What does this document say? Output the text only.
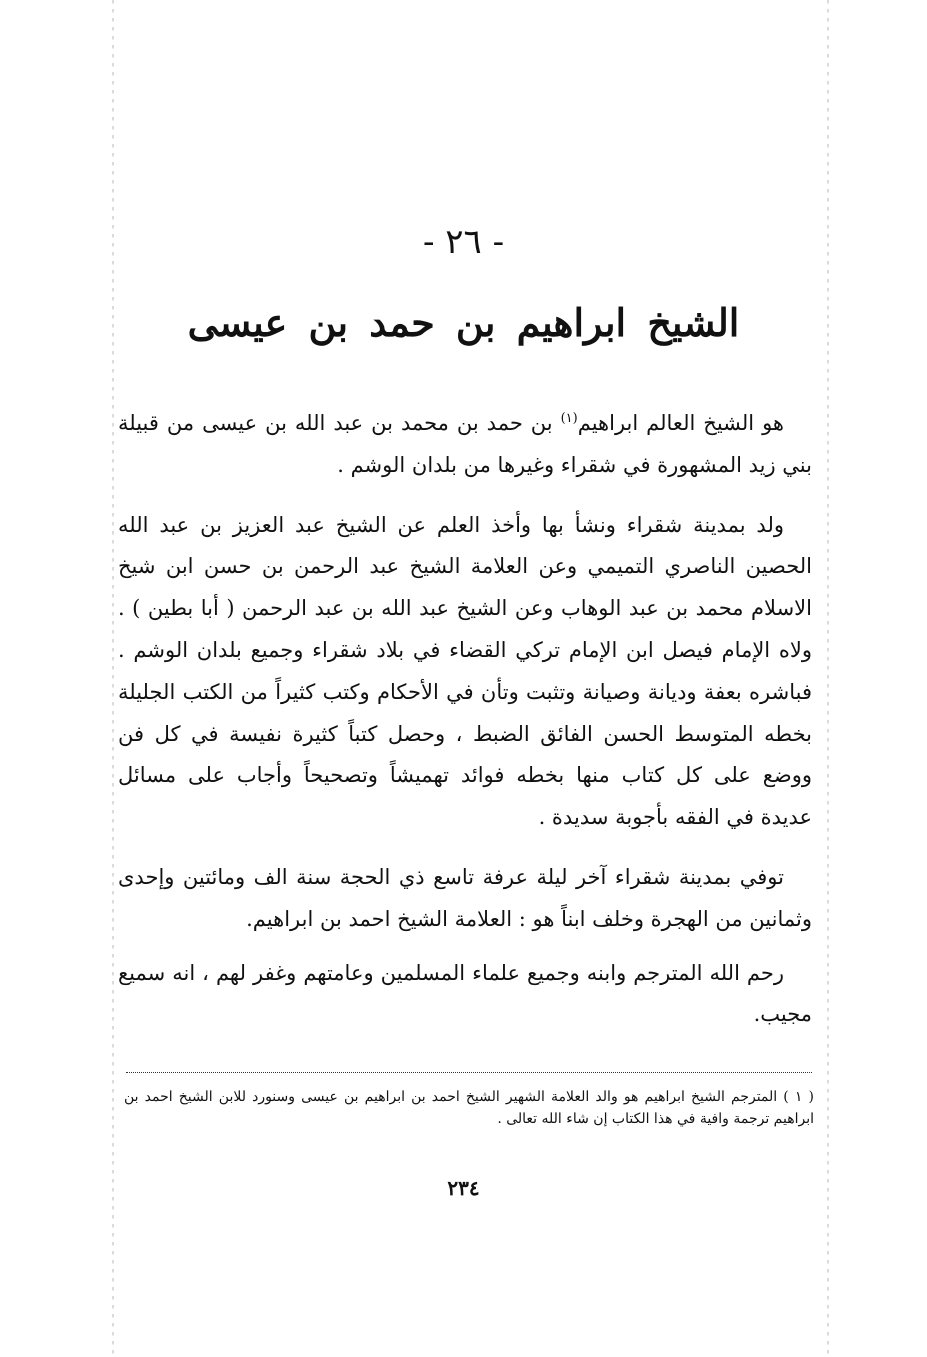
- ٢٦ -
الشيخ ابراهيم بن حمد بن عيسى

هو الشيخ العالم ابراهيم$^{(١)}$ بن حمد بن محمد بن عبد الله بن عيسى من قبيلة بني زيد المشهورة في شقراء وغيرها من بلدان الوشم .

ولد بمدينة شقراء ونشأ بها وأخذ العلم عن الشيخ عبد العزيز بن عبد الله الحصين الناصري التميمي وعن العلامة الشيخ عبد الرحمن بن حسن ابن شيخ الاسلام محمد بن عبد الوهاب وعن الشيخ عبد الله بن عبد الرحمن ( أبا بطين ) . ولاه الإمام فيصل ابن الإمام تركي القضاء في بلاد شقراء وجميع بلدان الوشم . فباشره بعفة وديانة وصيانة وتثبت وتأن في الأحكام وكتب كثيراً من الكتب الجليلة بخطه المتوسط الحسن الفائق الضبط ، وحصل كتباً كثيرة نفيسة في كل فن ووضع على كل كتاب منها بخطه فوائد تهميشاً وتصحيحاً وأجاب على مسائل عديدة في الفقه بأجوبة سديدة .

توفي بمدينة شقراء آخر ليلة عرفة تاسع ذي الحجة سنة الف ومائتين وإحدى وثمانين من الهجرة وخلف ابناً هو : العلامة الشيخ احمد بن ابراهيم.

رحم الله المترجم وابنه وجميع علماء المسلمين وعامتهم وغفر لهم ، انه سميع مجيب.

( ١ ) المترجم الشيخ ابراهيم هو والد العلامة الشهير الشيخ احمد بن ابراهيم بن عيسى وسنورد للابن الشيخ احمد بن ابراهيم ترجمة وافية في هذا الكتاب إن شاء الله تعالى .

٢٣٤
